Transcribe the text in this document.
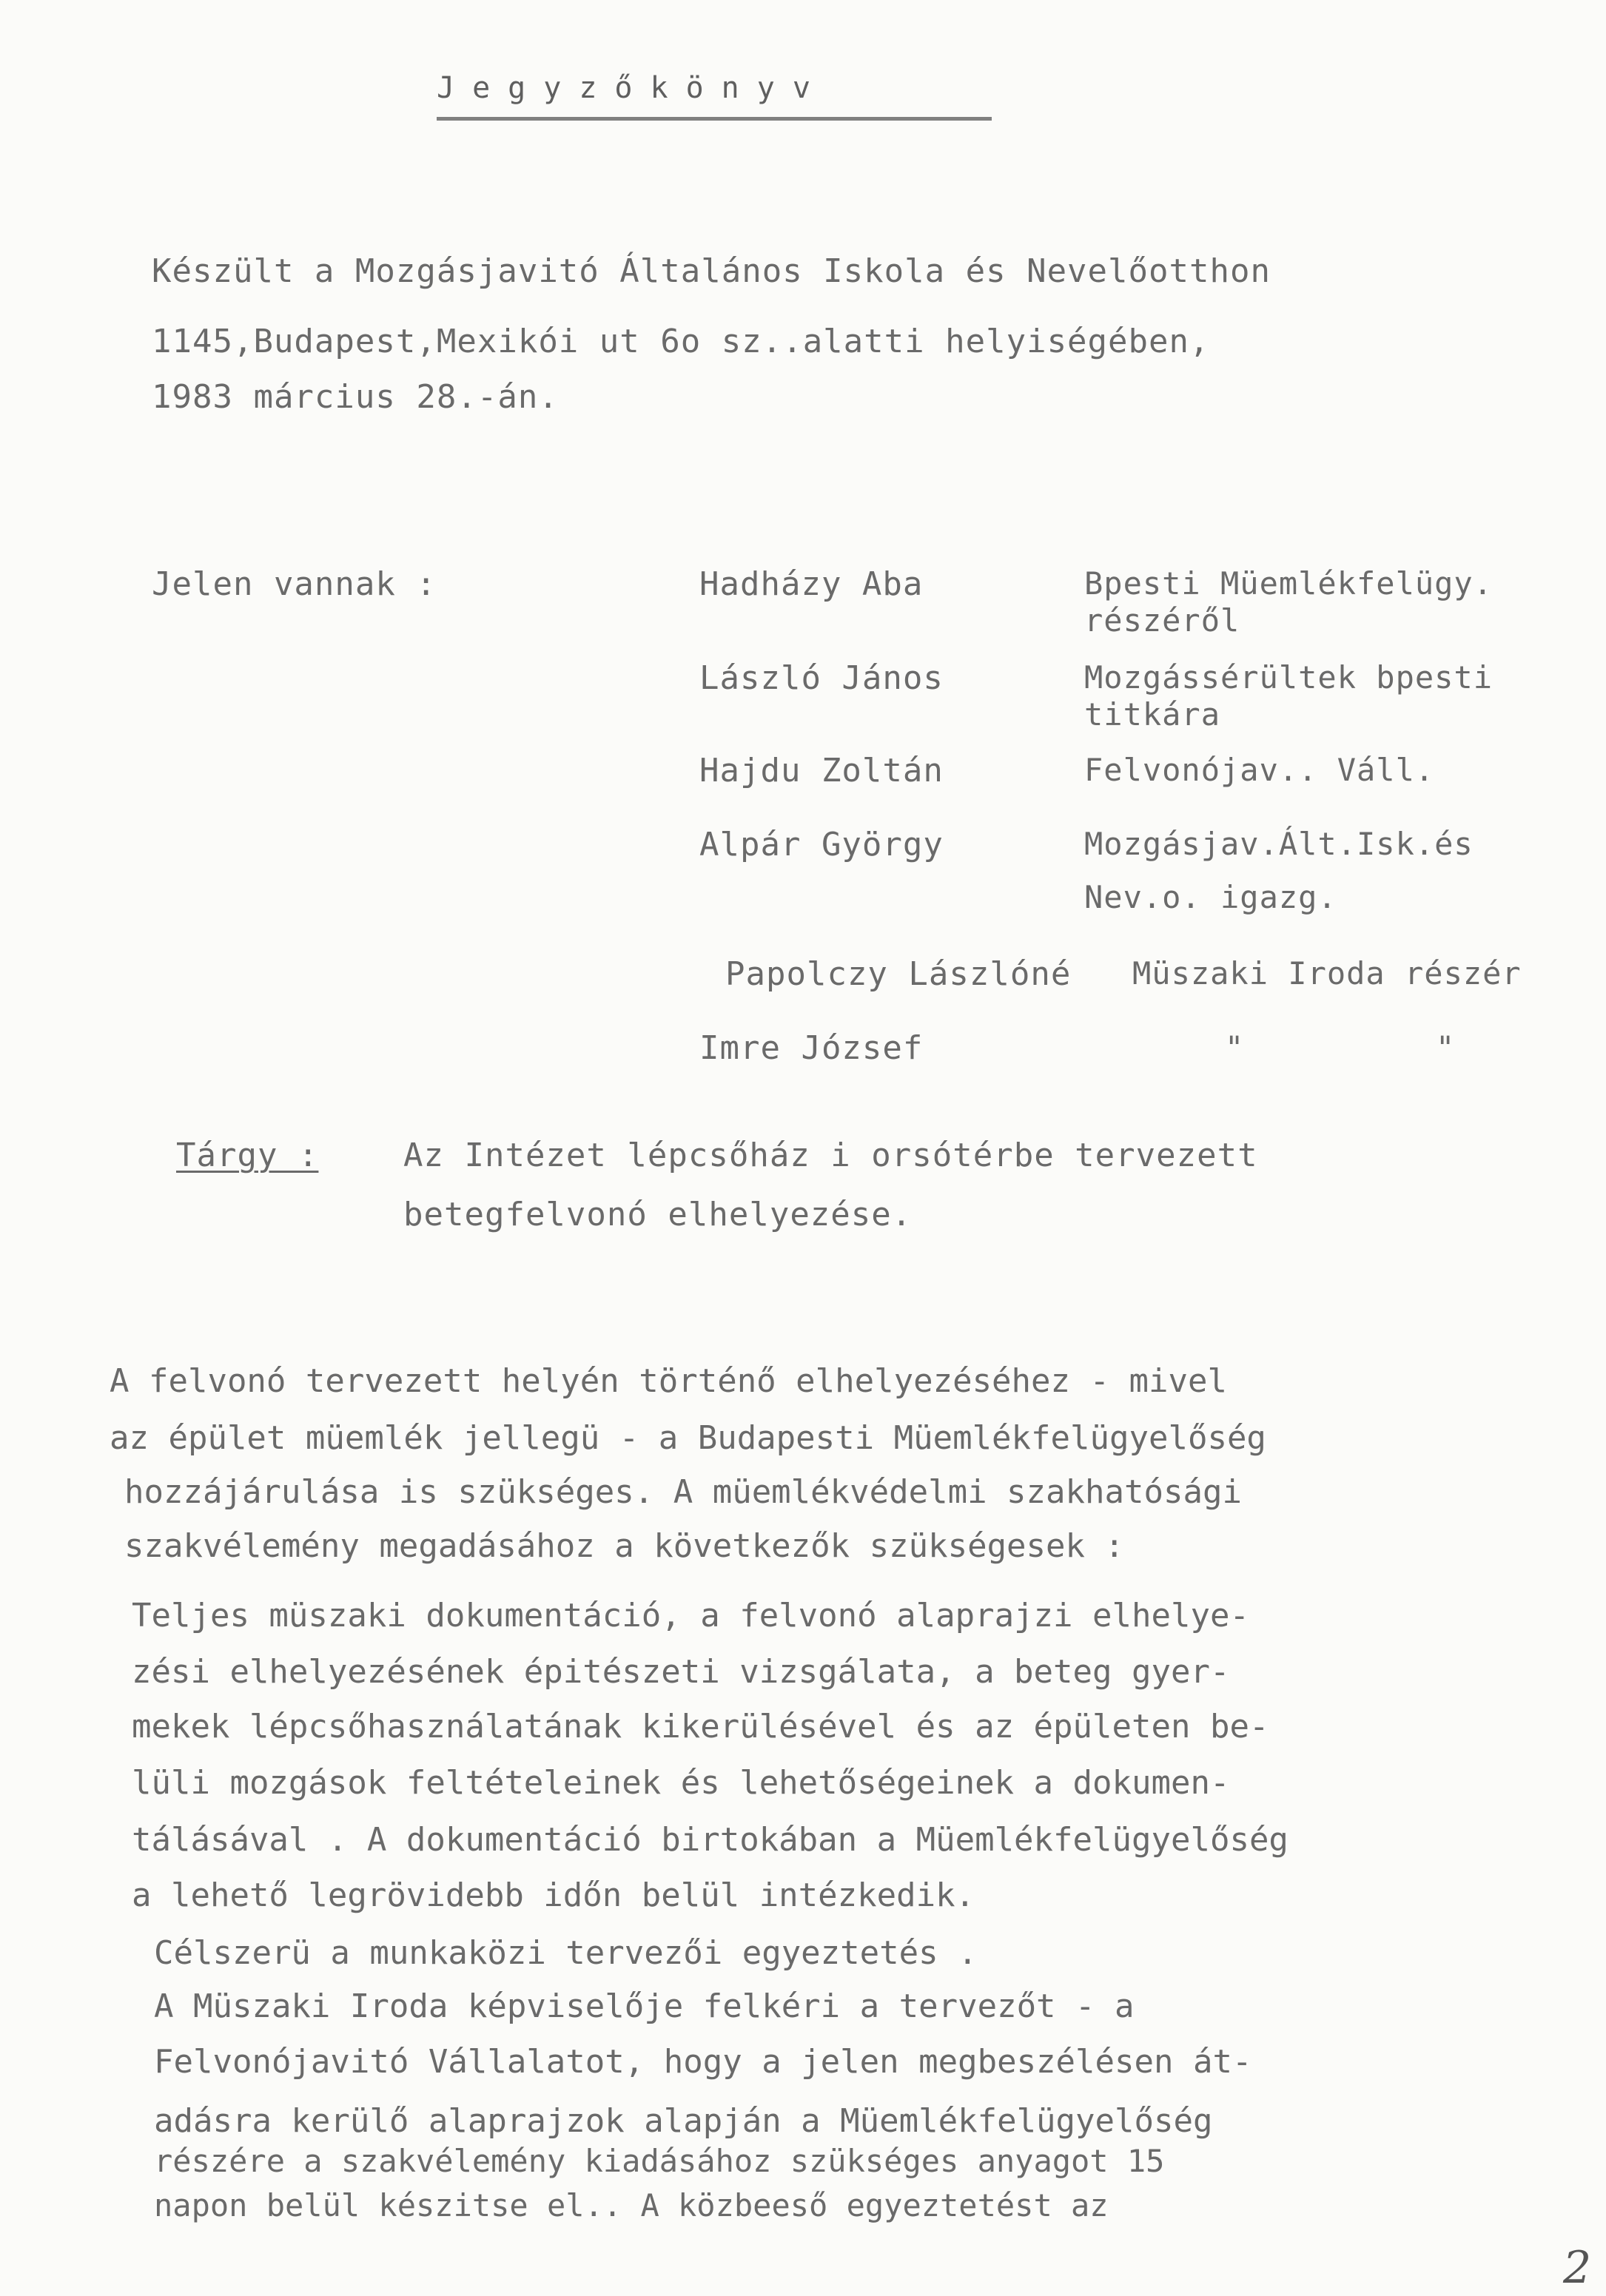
Jegyzőkönyv
Készült a Mozgásjavitó Általános Iskola és Nevelőotthon
1145,Budapest,Mexikói ut 6o sz..alatti helyiségében,
1983 március 28.-án.
Jelen vannak :	Hadházy Aba	Bpesti Müemlékfelügy.
részéről
László János	Mozgássérültek bpesti
titkára
Hajdu Zoltán	Felvonójav.. Váll.
Alpár György	Mozgásjav.Ált.Isk.és
Nev.o. igazg.
Papolczy Lászlóné Müszaki Iroda részér
Imre József	"	"
Tárgy :	Az Intézet lépcsőház i orsótérbe tervezett
betegfelvonó elhelyezése.
A felvonó tervezett helyén történő elhelyezéséhez - mivel
az épület müemlék jellegü - a Budapesti Müemlékfelügyelőség
hozzájárulása is szükséges. A müemlékvédelmi szakhatósági
szakvélemény megadásához a következők szükségesek :
Teljes müszaki dokumentáció, a felvonó alaprajzi elhelye-
zési elhelyezésének épitészeti vizsgálata, a beteg gyer-
mekek lépcsőhasználatának kikerülésével és az épületen be-
lüli mozgások feltételeinek és lehetőségeinek a dokumen-
tálásával . A dokumentáció birtokában a Müemlékfelügyelőség
a lehető legrövidebb időn belül intézkedik.
Célszerü a munkaközi tervezői egyeztetés .
A Müszaki Iroda képviselője felkéri a tervezőt - a
Felvonójavitó Vállalatot, hogy a jelen megbeszélésen át-
adásra kerülő alaprajzok alapján a Müemlékfelügyelőség
részére a szakvélemény kiadásához szükséges anyagot 15
napon belül készitse el.. A közbeeső egyeztetést az
2
